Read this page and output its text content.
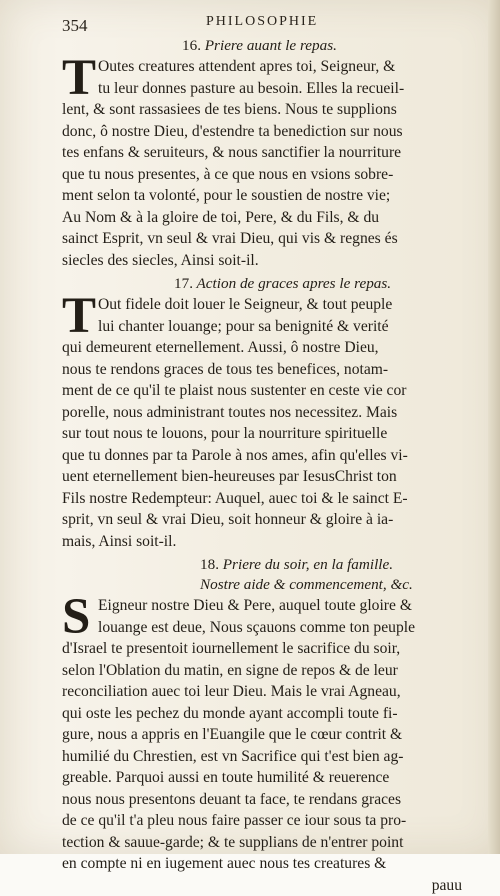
354	PHILOSOPHIE
16. Priere auant le repas.
T Outes creatures attendent apres toi, Seigneur, &
tu leur donnes pasture au besoin. Elles la recueil-
lent, & sont rassasiees de tes biens. Nous te supplions
donc, ô nostre Dieu, d'estendre ta benediction sur nous
tes enfans & seruiteurs, & nous sanctifier la nourriture
que tu nous presentes, à ce que nous en vsions sobre-
ment selon ta volonté, pour le soustien de nostre vie;
Au Nom & à la gloire de toi, Pere, & du Fils, & du
sainct Esprit, vn seul & vrai Dieu, qui vis & regnes és
siecles des siecles, Ainsi soit-il.
17. Action de graces apres le repas.
T Out fidele doit louer le Seigneur, & tout peuple
lui chanter louange; pour sa benignité & verité
qui demeurent eternellement. Aussi, ô nostre Dieu,
nous te rendons graces de tous tes benefices, notam-
ment de ce qu'il te plaist nous sustenter en ceste vie cor
porelle, nous administrant toutes nos necessitez. Mais
sur tout nous te louons, pour la nourriture spirituelle
que tu donnes par ta Parole à nos ames, afin qu'elles vi-
uent eternellement bien-heureuses par IesusChrist ton
Fils nostre Redempteur: Auquel, auec toi & le sainct E-
sprit, vn seul & vrai Dieu, soit honneur & gloire à ia-
mais, Ainsi soit-il.
18. Priere du soir, en la famille.
Nostre aide & commencement, &c.
S Eigneur nostre Dieu & Pere, auquel toute gloire &
louange est deue, Nous sçauons comme ton peuple
d'Israel te presentoit iournellement le sacrifice du soir,
selon l'Oblation du matin, en signe de repos & de leur
reconciliation auec toi leur Dieu. Mais le vrai Agneau,
qui oste les pechez du monde ayant accompli toute fi-
gure, nous a appris en l'Euangile que le cœur contrit &
humilié du Chrestien, est vn Sacrifice qui t'est bien ag-
greable. Parquoi aussi en toute humilité & reuerence
nous nous presentons deuant ta face, te rendans graces
de ce qu'il t'a pleu nous faire passer ce iour sous ta pro-
tection & sauue-garde; & te supplians de n'entrer point
en compte ni en iugement auec nous tes creatures &
pauu
